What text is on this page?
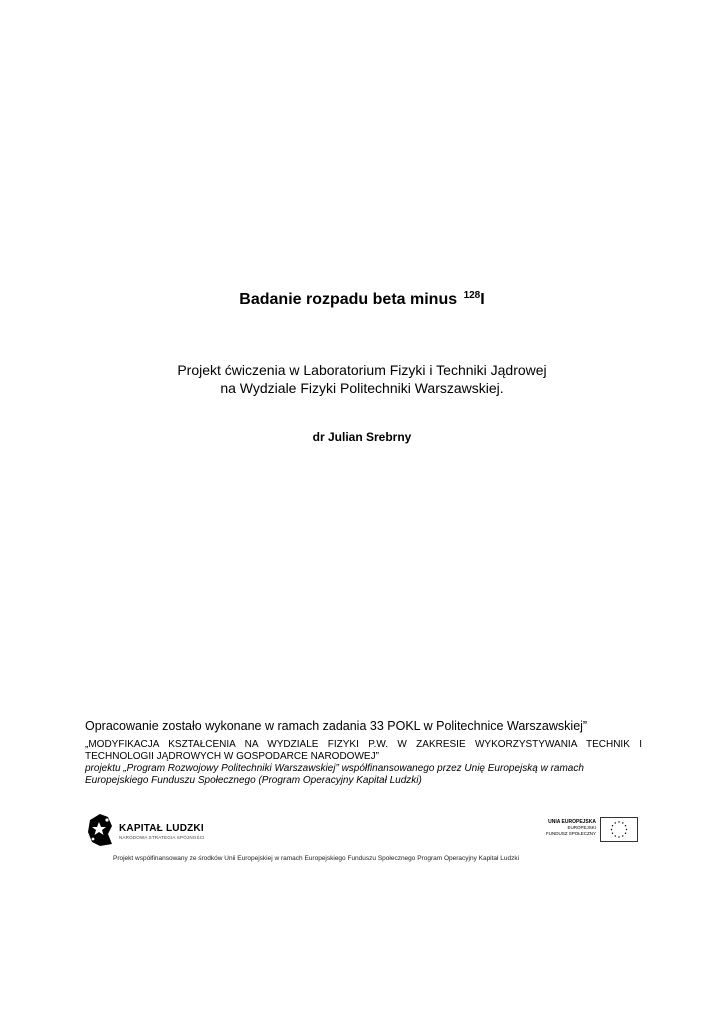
Badanie rozpadu beta minus $^{128}$I
Projekt ćwiczenia w Laboratorium Fizyki i Techniki Jądrowej
na Wydziale Fizyki Politechniki Warszawskiej.
dr Julian Srebrny
Opracowanie zostało wykonane w ramach zadania 33 POKL w Politechnice Warszawskiej”
„MODYFIKACJA KSZTAŁCENIA NA WYDZIALE FIZYKI P.W. W ZAKRESIE WYKORZYSTYWANIA TECHNIK I TECHNOLOGII JĄDROWYCH W GOSPODARCE NARODOWEJ”
projektu „Program Rozwojowy Politechniki Warszawskiej” współfinansowanego przez Unię Europejską w ramach Europejskiego Funduszu Społecznego (Program Operacyjny Kapitał Ludzki)
KAPITAŁ LUDZKI
NARODOWA STRATEGIA SPÓJNOŚCI
UNIA EUROPEJSKA
EUROPEJSKI
FUNDUSZ SPOŁECZNY
Projekt współfinansowany ze środków Unii Europejskiej w ramach Europejskiego Funduszu Społecznego Program Operacyjny Kapitał Ludzki
